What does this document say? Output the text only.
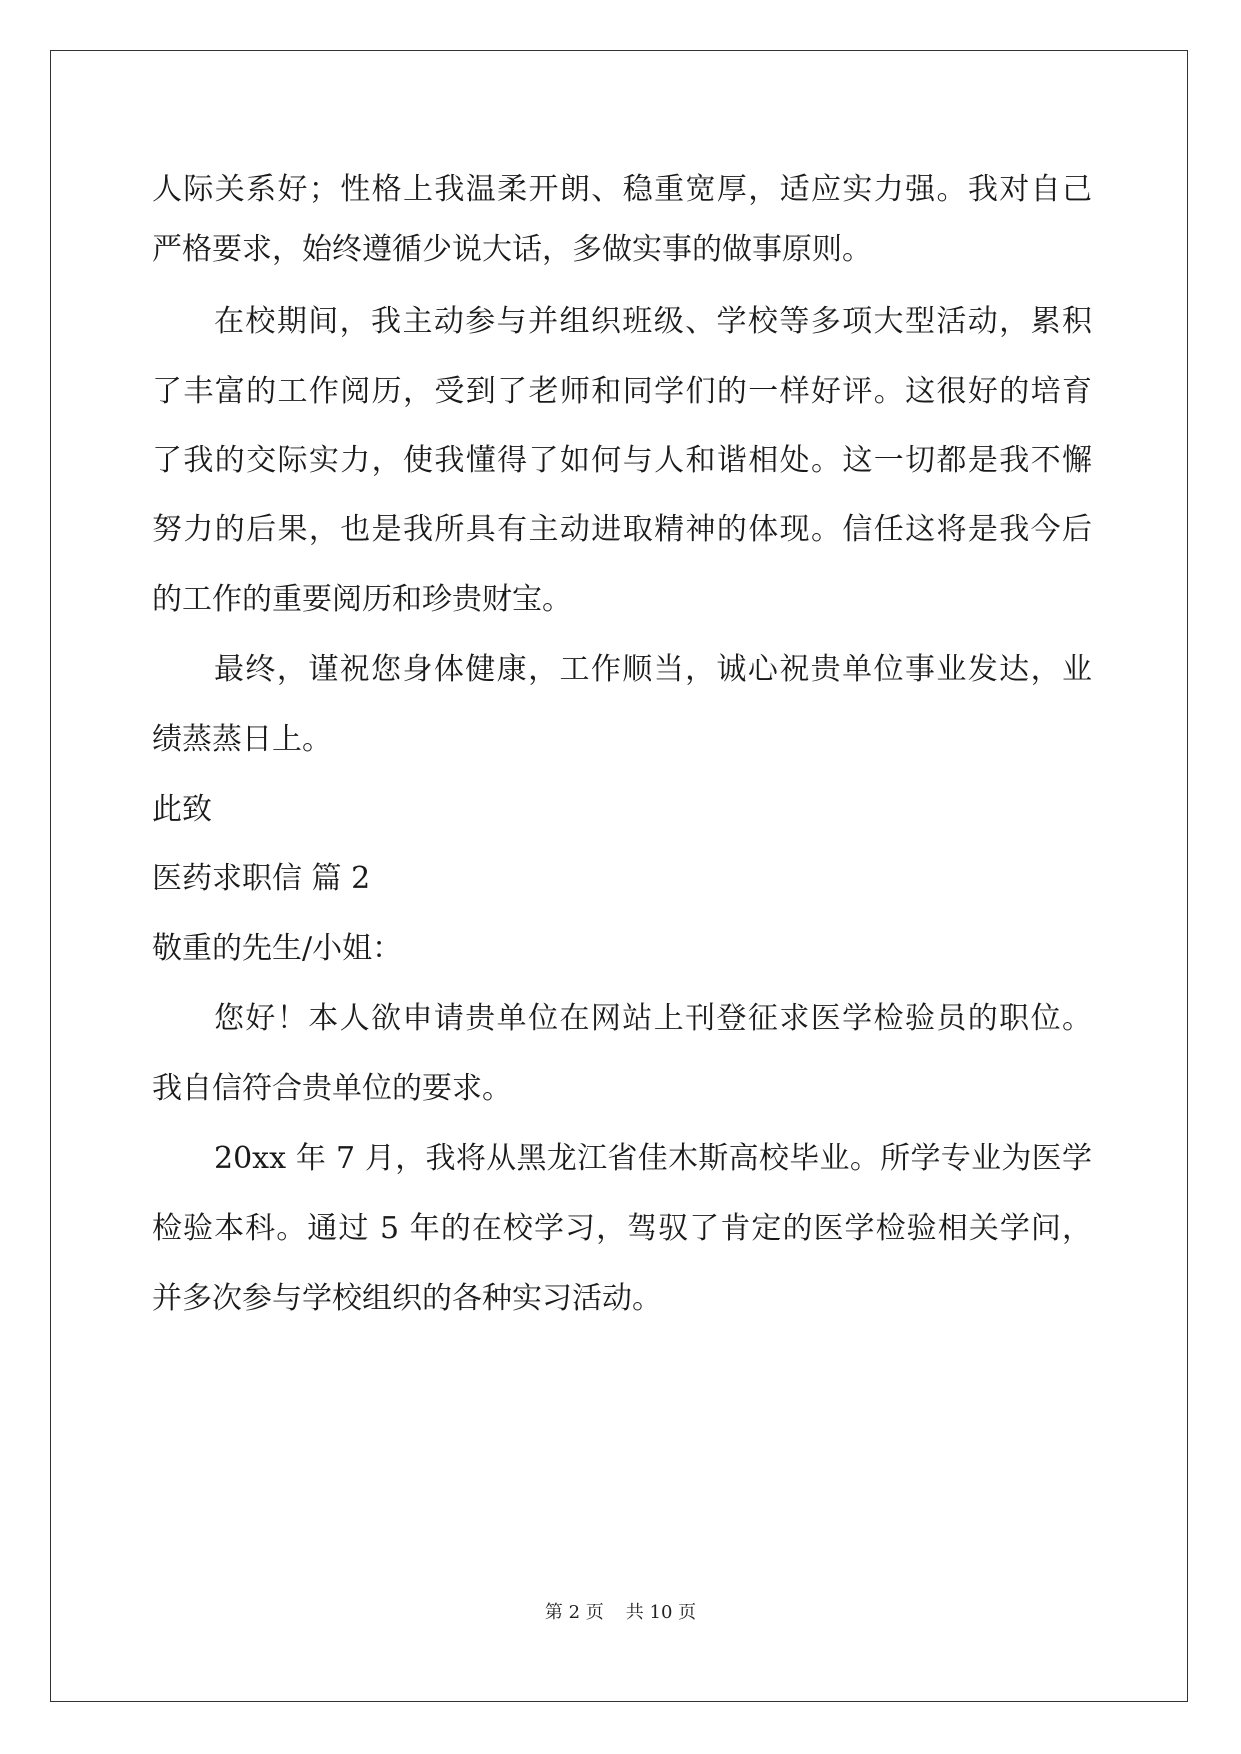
人际关系好；性格上我温柔开朗、稳重宽厚，适应实力强。我对自己
严格要求，始终遵循少说大话，多做实事的做事原则。
在校期间，我主动参与并组织班级、学校等多项大型活动，累积
了丰富的工作阅历，受到了老师和同学们的一样好评。这很好的培育
了我的交际实力，使我懂得了如何与人和谐相处。这一切都是我不懈
努力的后果，也是我所具有主动进取精神的体现。信任这将是我今后
的工作的重要阅历和珍贵财宝。
最终，谨祝您身体健康，工作顺当，诚心祝贵单位事业发达，业
绩蒸蒸日上。
此致
医药求职信 篇 2
敬重的先生/小姐：
您好！本人欲申请贵单位在网站上刊登征求医学检验员的职位。
我自信符合贵单位的要求。
20xx 年 7 月，我将从黑龙江省佳木斯高校毕业。所学专业为医学
检验本科。通过 5 年的在校学习，驾驭了肯定的医学检验相关学问，
并多次参与学校组织的各种实习活动。
第 2 页 共 10 页
